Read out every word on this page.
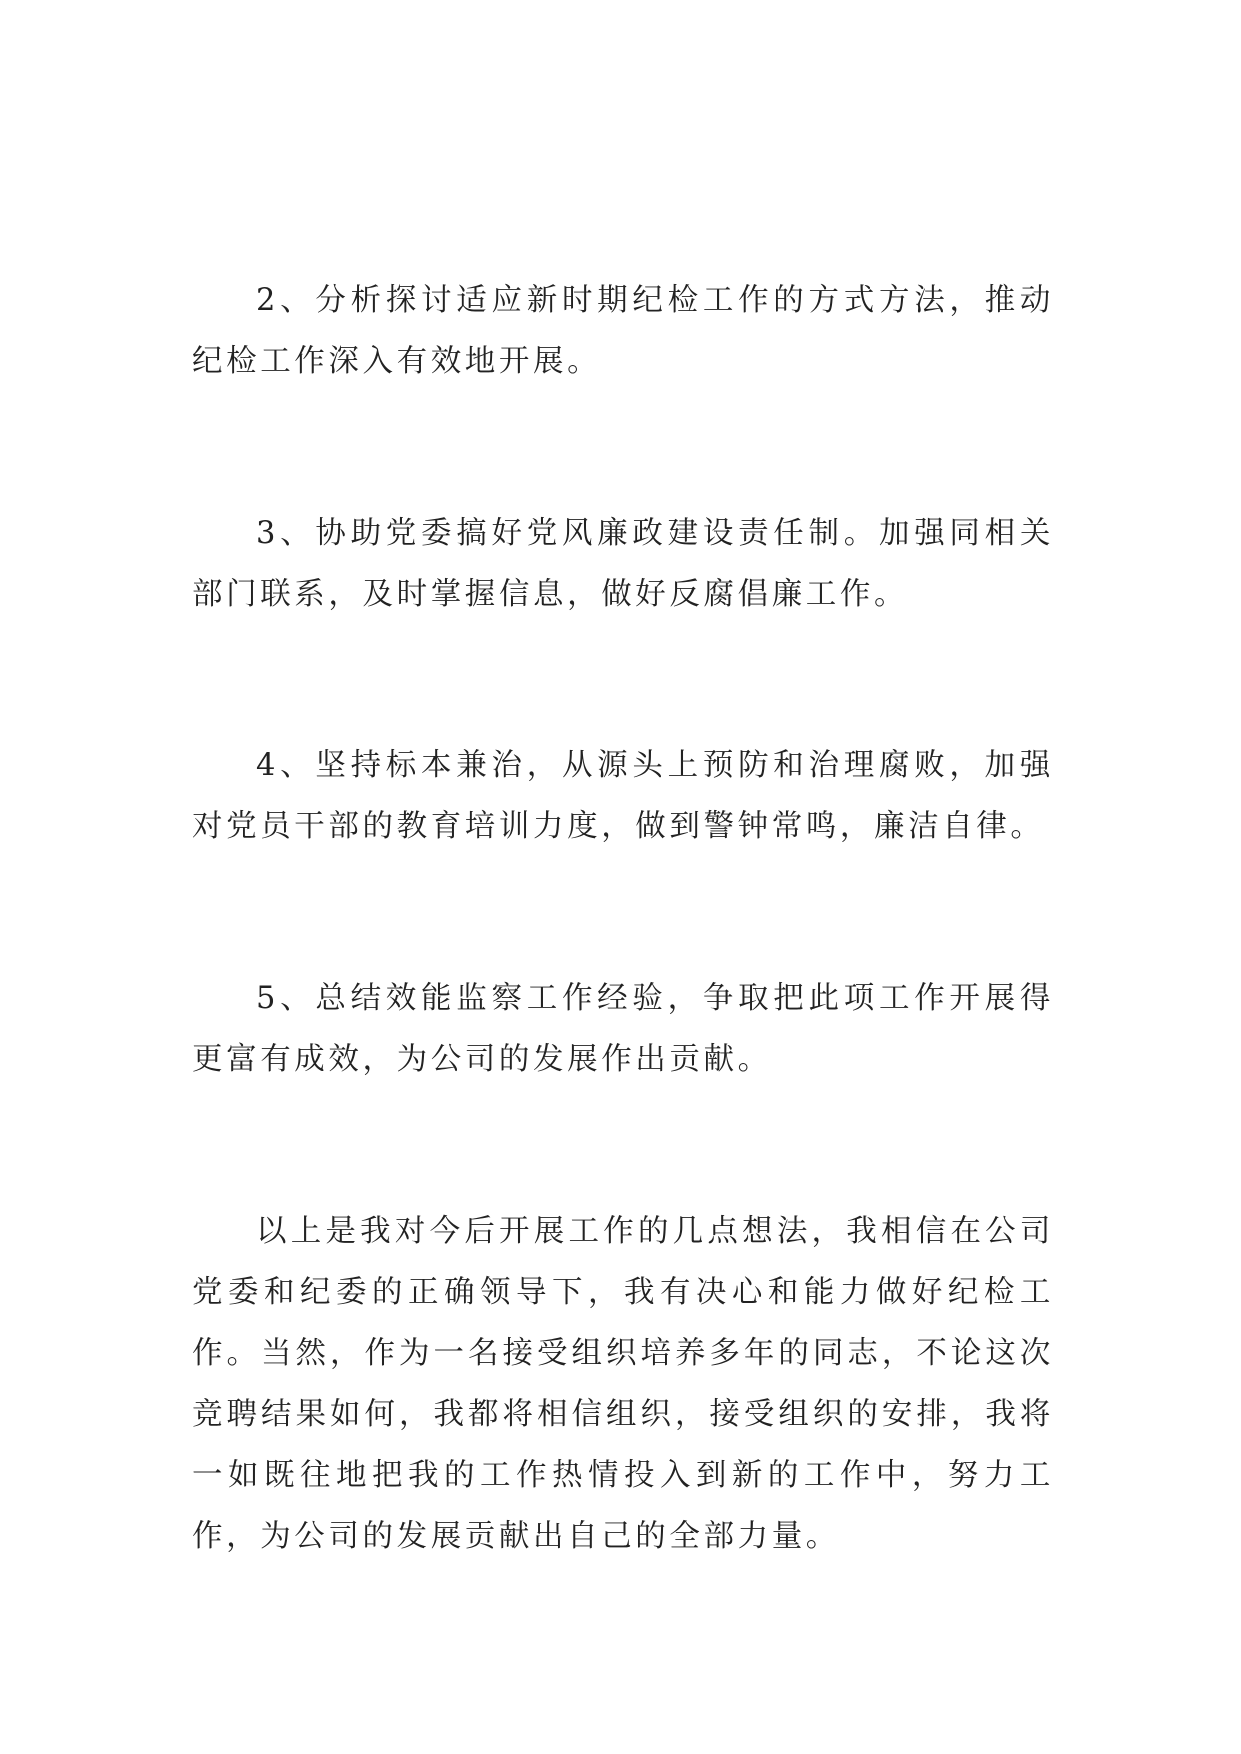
2、分析探讨适应新时期纪检工作的方式方法，推动纪检工作深入有效地开展。

3、协助党委搞好党风廉政建设责任制。加强同相关部门联系，及时掌握信息，做好反腐倡廉工作。

4、坚持标本兼治，从源头上预防和治理腐败，加强对党员干部的教育培训力度，做到警钟常鸣，廉洁自律。

5、总结效能监察工作经验，争取把此项工作开展得更富有成效，为公司的发展作出贡献。

以上是我对今后开展工作的几点想法，我相信在公司党委和纪委的正确领导下，我有决心和能力做好纪检工作。当然，作为一名接受组织培养多年的同志，不论这次竞聘结果如何，我都将相信组织，接受组织的安排，我将一如既往地把我的工作热情投入到新的工作中，努力工作，为公司的发展贡献出自己的全部力量。
